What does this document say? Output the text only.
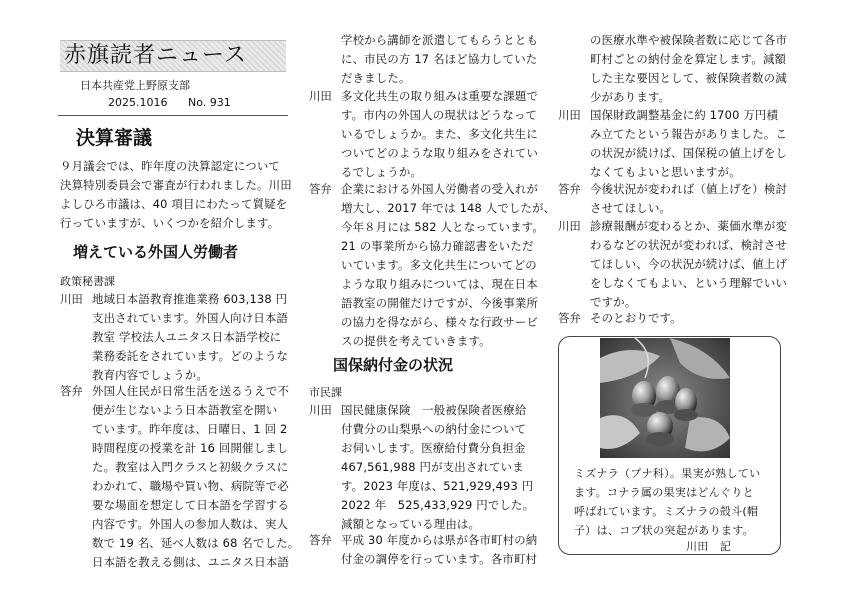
赤旗読者ニュース
日本共産党上野原支部
2025.1016 No. 931
決算審議
９月議会では、昨年度の決算認定について
決算特別委員会で審査が行われました。川田
よしひろ市議は、40 項目にわたって質疑を
行っていますが、いくつかを紹介します。
増えている外国人労働者
政策秘書課
川田 地域日本語教育推進業務 603,138 円
支出されています。外国人向け日本語
教室 学校法人ユニタス日本語学校に
業務委託をされています。どのような
教育内容でしょうか。
答弁 外国人住民が日常生活を送るうえで不
便が生じないよう日本語教室を開い
ています。昨年度は、日曜日、1 回 2
時間程度の授業を計 16 回開催しまし
た。教室は入門クラスと初級クラスに
わかれて、職場や買い物、病院等で必
要な場面を想定して日本語を学習する
内容です。外国人の参加人数は、実人
数で 19 名、延べ人数は 68 名でした。
日本語を教える側は、ユニタス日本語
学校から講師を派遣してもらうととも
に、市民の方 17 名ほど協力していた
だきました。
川田 多文化共生の取り組みは重要な課題で
す。市内の外国人の現状はどうなって
いるでしょうか。また、多文化共生に
ついてどのような取り組みをされてい
るでしょうか。
答弁 企業における外国人労働者の受入れが
増大し、2017 年では 148 人でしたが、
今年８月には 582 人となっています。
21 の事業所から協力確認書をいただ
いています。多文化共生についてどの
ような取り組みについては、現在日本
語教室の開催だけですが、今後事業所
の協力を得ながら、様々な行政サービ
スの提供を考えていきます。
国保納付金の状況
市民課
川田 国民健康保険　一般被保険者医療給
付費分の山梨県への納付金について
お伺いします。医療給付費分負担金
467,561,988 円が支出されていま
す。2023 年度は、521,929,493 円
2022 年　525,433,929 円でした。
減額となっている理由は。
答弁 平成 30 年度からは県が各市町村の納
付金の調停を行っています。各市町村
の医療水準や被保険者数に応じて各市
町村ごとの納付金を算定します。減額
した主な要因として、被保険者数の減
少があります。
川田 国保財政調整基金に約 1700 万円積
み立てたという報告がありました。こ
の状況が続けば、国保税の値上げをし
なくてもよいと思いますが。
答弁 今後状況が変われば（値上げを）検討
させてほしい。
川田 診療報酬が変わるとか、薬価水準が変
わるなどの状況が変われば、検討させ
てほしい、今の状況が続けば、値上げ
をしなくてもよい、という理解でいい
ですか。
答弁 そのとおりです。
ミズナラ（ブナ科）。果実が熟してい
ます。コナラ属の果実はどんぐりと
呼ばれています。ミズナラの殻斗(帽
子）は、コブ状の突起があります。
川田　記
